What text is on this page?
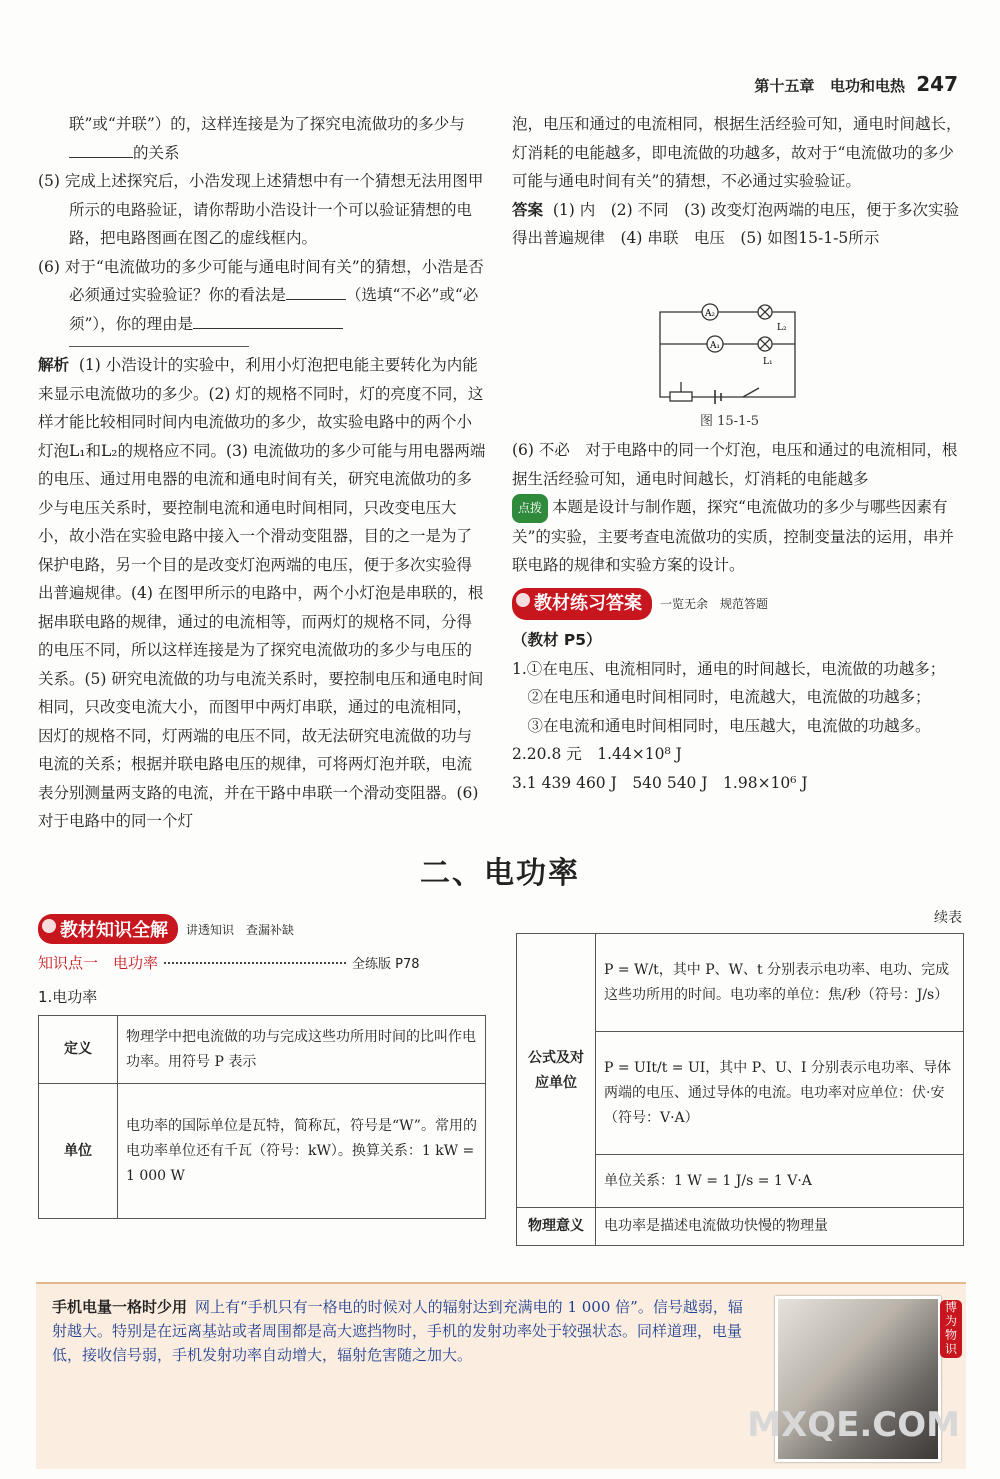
第十五章 电功和电热 247

联”或“并联”）的，这样连接是为了探究电流做功的多少与的关系

(5) 完成上述探究后，小浩发现上述猜想中有一个猜想无法用图甲所示的电路验证，请你帮助小浩设计一个可以验证猜想的电路，把电路图画在图乙的虚线框内。

(6) 对于“电流做功的多少可能与通电时间有关”的猜想，小浩是否必须通过实验验证？你的看法是	（选填“不必”或“必须”），你的理由是

解析 (1) 小浩设计的实验中，利用小灯泡把电能主要转化为内能来显示电流做功的多少。(2) 灯的规格不同时，灯的亮度不同，这样才能比较相同时间内电流做功的多少，故实验电路中的两个小灯泡L₁和L₂的规格应不同。(3) 电流做功的多少可能与用电器两端的电压、通过用电器的电流和通电时间有关，研究电流做功的多少与电压关系时，要控制电流和通电时间相同，只改变电压大小，故小浩在实验电路中接入一个滑动变阻器，目的之一是为了保护电路，另一个目的是改变灯泡两端的电压，便于多次实验得出普遍规律。(4) 在图甲所示的电路中，两个小灯泡是串联的，根据串联电路的规律，通过的电流相等，而两灯的规格不同，分得的电压不同，所以这样连接是为了探究电流做功的多少与电压的关系。(5) 研究电流做的功与电流关系时，要控制电压和通电时间相同，只改变电流大小，而图甲中两灯串联，通过的电流相同，因灯的规格不同，灯两端的电压不同，故无法研究电流做的功与电流的关系；根据并联电路电压的规律，可将两灯泡并联，电流表分别测量两支路的电流，并在干路中串联一个滑动变阻器。(6) 对于电路中的同一个灯

泡，电压和通过的电流相同，根据生活经验可知，通电时间越长，灯消耗的电能越多，即电流做的功越多，故对于“电流做功的多少可能与通电时间有关”的猜想，不必通过实验验证。

答案 (1) 内　(2) 不同　(3) 改变灯泡两端的电压，便于多次实验得出普遍规律　(4) 串联　电压　(5) 如图15-1-5所示

A₂
A₁
L₂
L₁
图 15-1-5

(6) 不必　对于电路中的同一个灯泡，电压和通过的电流相同，根据生活经验可知，通电时间越长，灯消耗的电能越多

点拨 本题是设计与制作题，探究“电流做功的多少与哪些因素有关”的实验，主要考查电流做功的实质，控制变量法的运用，串并联电路的规律和实验方案的设计。

教材练习答案	一览无余　规范答题

（教材 P5）

1.①在电压、电流相同时，通电的时间越长，电流做的功越多；

②在电压和通电时间相同时，电流越大，电流做的功越多；

③在电流和通电时间相同时，电压越大，电流做的功越多。

2.20.8 元　1.44×10⁸ J

3.1 439 460 J　540 540 J　1.98×10⁶ J

二、电功率
教材知识全解	讲透知识　查漏补缺
知识点一　电功率	全练版 P78
1.电功率
定义	物理学中把电流做的功与完成这些功所用时间的比叫作电功率。用符号 P 表示
单位	电功率的国际单位是瓦特，简称瓦，符号是“W”。常用的电功率单位还有千瓦（符号：kW）。换算关系：1 kW = 1 000 W
续表
公式及对应单位	P = W/t，其中 P、W、t 分别表示电功率、电功、完成这些功所用的时间。电功率的单位：焦/秒（符号：J/s）
	P = UIt/t = UI，其中 P、U、I 分别表示电功率、导体两端的电压、通过导体的电流。电功率对应单位：伏·安（符号：V·A）
	单位关系：1 W = 1 J/s = 1 V·A
物理意义	电功率是描述电流做功快慢的物理量
手机电量一格时少用 网上有“手机只有一格电的时候对人的辐射达到充满电的 1 000 倍”。信号越弱，辐射越大。特别是在远离基站或者周围都是高大遮挡物时，手机的发射功率处于较强状态。同样道理，电量低，接收信号弱，手机发射功率自动增大，辐射危害随之加大。
博为物识
MXQE.COM
